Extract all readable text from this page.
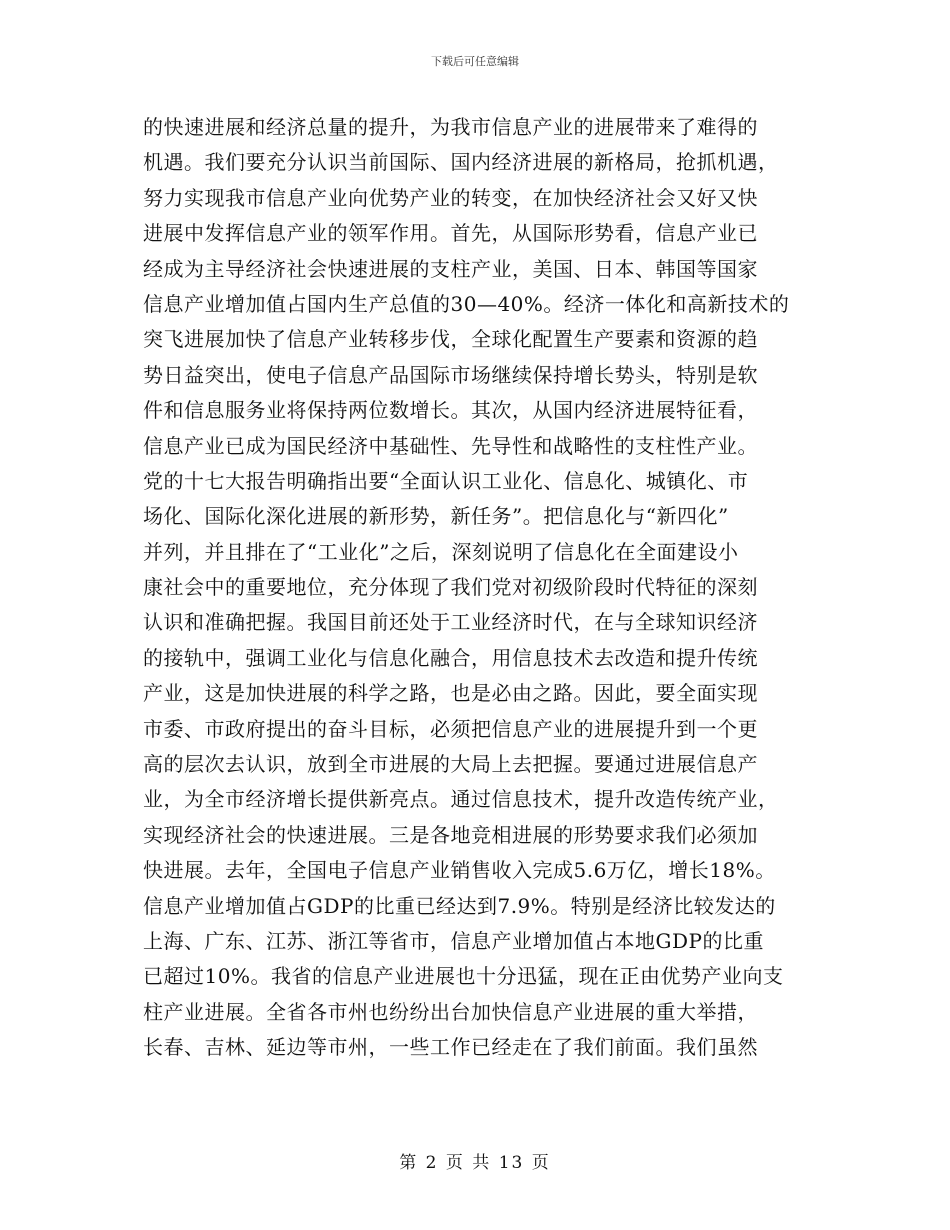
下载后可任意编辑
的快速进展和经济总量的提升，为我市信息产业的进展带来了难得的
机遇。我们要充分认识当前国际、国内经济进展的新格局，抢抓机遇，
努力实现我市信息产业向优势产业的转变，在加快经济社会又好又快
进展中发挥信息产业的领军作用。首先，从国际形势看，信息产业已
经成为主导经济社会快速进展的支柱产业，美国、日本、韩国等国家
信息产业增加值占国内生产总值的30—40%。经济一体化和高新技术的
突飞进展加快了信息产业转移步伐，全球化配置生产要素和资源的趋
势日益突出，使电子信息产品国际市场继续保持增长势头，特别是软
件和信息服务业将保持两位数增长。其次，从国内经济进展特征看，
信息产业已成为国民经济中基础性、先导性和战略性的支柱性产业。
党的十七大报告明确指出要“全面认识工业化、信息化、城镇化、市
场化、国际化深化进展的新形势，新任务”。把信息化与“新四化”
并列，并且排在了“工业化”之后，深刻说明了信息化在全面建设小
康社会中的重要地位，充分体现了我们党对初级阶段时代特征的深刻
认识和准确把握。我国目前还处于工业经济时代，在与全球知识经济
的接轨中，强调工业化与信息化融合，用信息技术去改造和提升传统
产业，这是加快进展的科学之路，也是必由之路。因此，要全面实现
市委、市政府提出的奋斗目标，必须把信息产业的进展提升到一个更
高的层次去认识，放到全市进展的大局上去把握。要通过进展信息产
业，为全市经济增长提供新亮点。通过信息技术，提升改造传统产业，
实现经济社会的快速进展。三是各地竞相进展的形势要求我们必须加
快进展。去年，全国电子信息产业销售收入完成5.6万亿，增长18%。
信息产业增加值占GDP的比重已经达到7.9%。特别是经济比较发达的
上海、广东、江苏、浙江等省市，信息产业增加值占本地GDP的比重
已超过10%。我省的信息产业进展也十分迅猛，现在正由优势产业向支
柱产业进展。全省各市州也纷纷出台加快信息产业进展的重大举措，
长春、吉林、延边等市州，一些工作已经走在了我们前面。我们虽然
第 2 页 共 13 页
